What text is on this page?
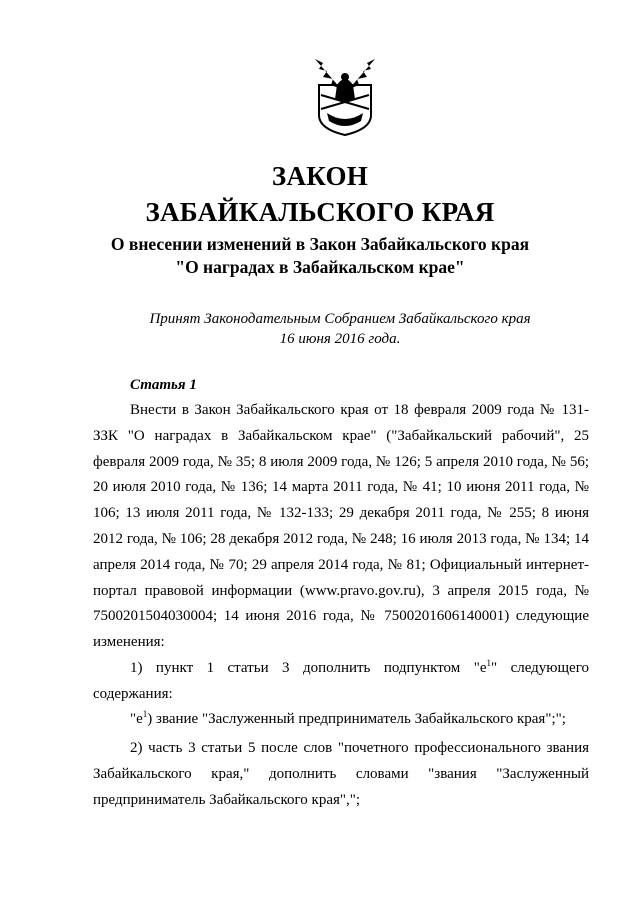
ЗАКОН
ЗАБАЙКАЛЬСКОГО КРАЯ
О внесении изменений в Закон Забайкальского края
"О наградах в Забайкальском крае"
Принят Законодательным Собранием Забайкальского края
16 июня 2016 года.
Статья 1

Внести в Закон Забайкальского края от 18 февраля 2009 года № 131-ЗЗК "О наградах в Забайкальском крае" ("Забайкальский рабочий", 25 февраля 2009 года, № 35; 8 июля 2009 года, № 126; 5 апреля 2010 года, № 56; 20 июля 2010 года, № 136; 14 марта 2011 года, № 41; 10 июня 2011 года, № 106; 13 июля 2011 года, № 132-133; 29 декабря 2011 года, № 255; 8 июня 2012 года, № 106; 28 декабря 2012 года, № 248; 16 июля 2013 года, № 134; 14 апреля 2014 года, № 70; 29 апреля 2014 года, № 81; Официальный интернет-портал правовой информации (www.pravo.gov.ru), 3 апреля 2015 года, № 7500201504030004; 14 июня 2016 года, № 7500201606140001) следующие изменения:

1) пункт 1 статьи 3 дополнить подпунктом "$е^1$" следующего содержания:

"$е^1$) звание "Заслуженный предприниматель Забайкальского края";";

2) часть 3 статьи 5 после слов "почетного профессионального звания Забайкальского края," дополнить словами "звания "Заслуженный предприниматель Забайкальского края",";
